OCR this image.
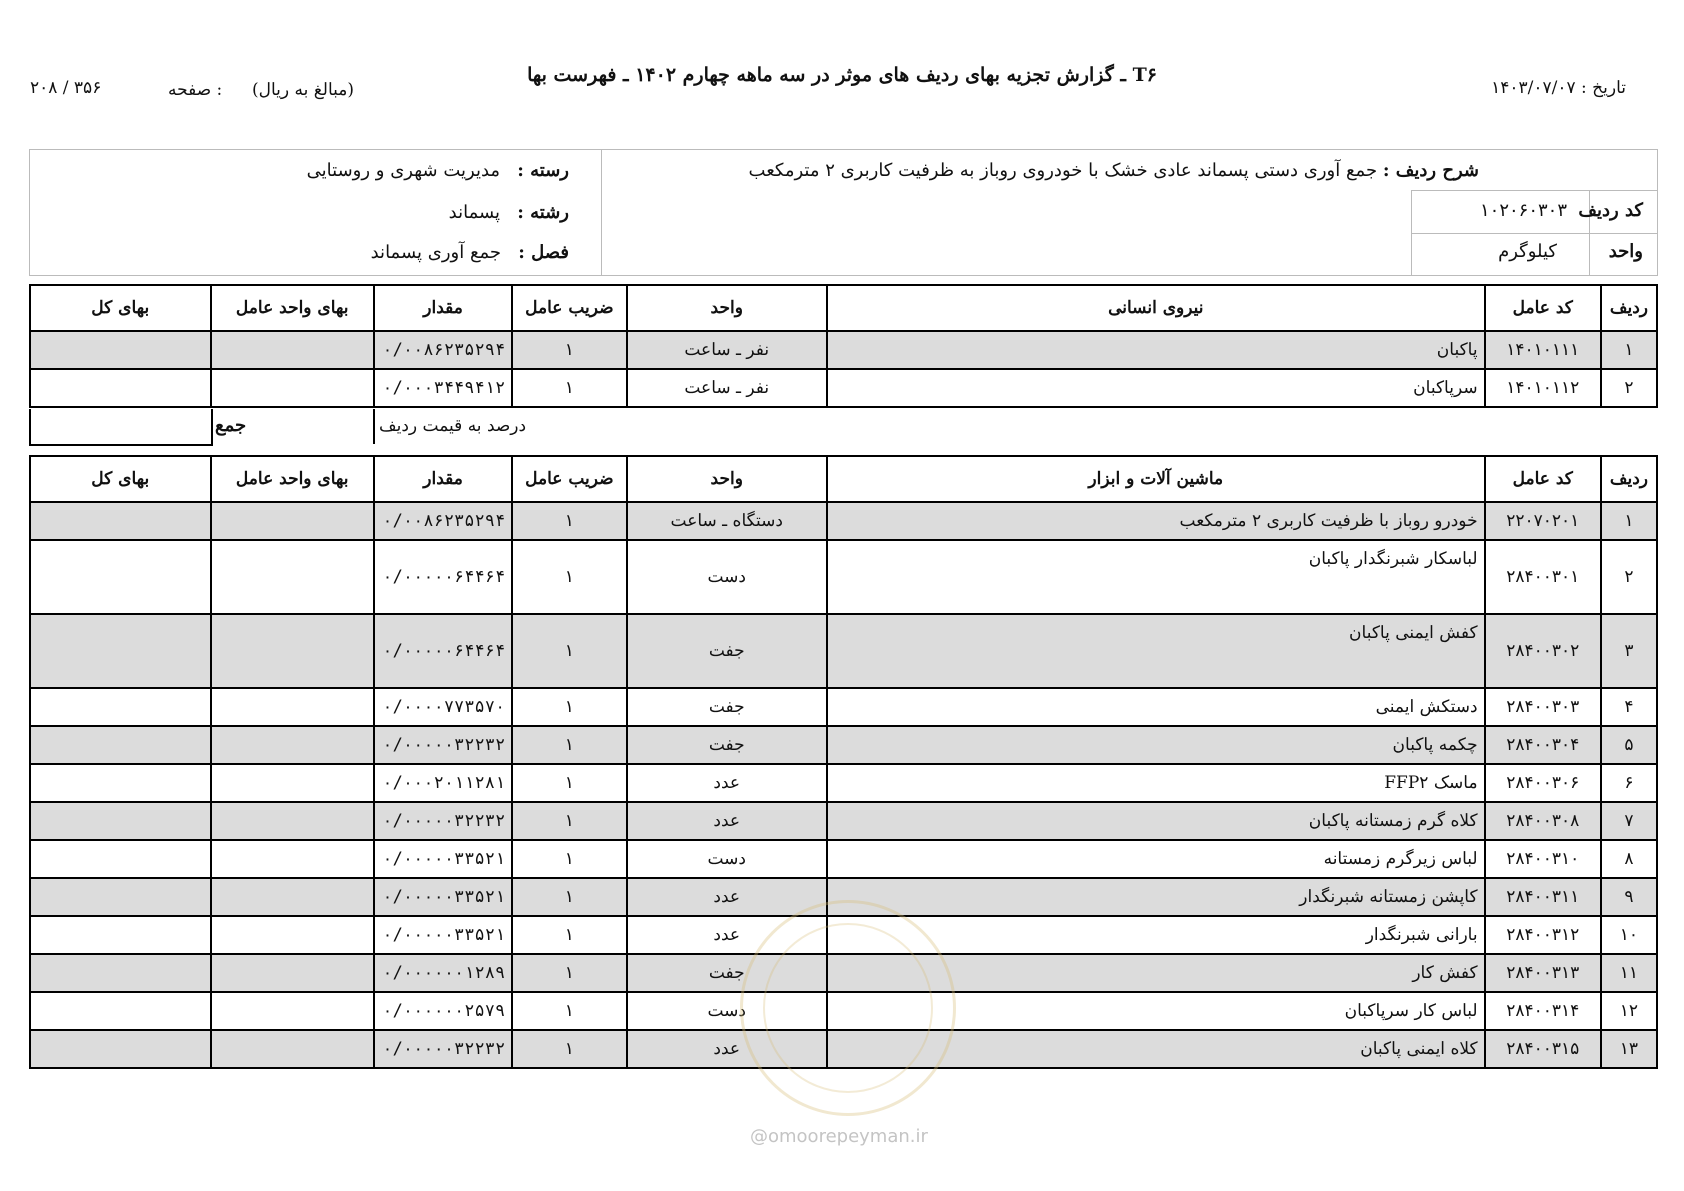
T۶ ـ گزارش تجزیه بهای ردیف های موثر در سه ماهه چهارم ۱۴۰۲ ـ فهرست بها
تاریخ : ۱۴۰۳/۰۷/۰۷
۲۰۸ / ۳۵۶	صفحه : (مبالغ به ریال)
شرح ردیف : جمع آوری دستی پسماند عادی خشک با خودروی روباز به ظرفیت کاربری ۲ مترمکعب
کد ردیف
۱۰۲۰۶۰۳۰۳
واحد
کیلوگرم
رسته :   مدیریت شهری و روستایی
رشته :   پسماند
فصل :   جمع آوری پسماند
ردیف	کد عامل	نیروی انسانی	واحد	ضریب عامل	مقدار	بهای واحد عامل	بهای کل
۱	۱۴۰۱۰۱۱۱	پاکبان	نفر ـ ساعت	۱	۰/۰۰۸۶۲۳۵۲۹۴		
۲	۱۴۰۱۰۱۱۲	سرپاکبان	نفر ـ ساعت	۱	۰/۰۰۰۳۴۴۹۴۱۲		
جمع	درصد به قیمت ردیف
ردیف	کد عامل	ماشین آلات و ابزار	واحد	ضریب عامل	مقدار	بهای واحد عامل	بهای کل
۱	۲۲۰۷۰۲۰۱	خودرو روباز با ظرفیت کاربری ۲ مترمکعب	دستگاه ـ ساعت	۱	۰/۰۰۸۶۲۳۵۲۹۴		
۲	۲۸۴۰۰۳۰۱	لباسکار شبرنگدار پاکبان	دست	۱	۰/۰۰۰۰۰۶۴۴۶۴		
۳	۲۸۴۰۰۳۰۲	کفش ایمنی پاکبان	جفت	۱	۰/۰۰۰۰۰۶۴۴۶۴		
۴	۲۸۴۰۰۳۰۳	دستکش ایمنی	جفت	۱	۰/۰۰۰۰۷۷۳۵۷۰		
۵	۲۸۴۰۰۳۰۴	چکمه پاکبان	جفت	۱	۰/۰۰۰۰۰۳۲۲۳۲		
۶	۲۸۴۰۰۳۰۶	ماسک FFP۲	عدد	۱	۰/۰۰۰۲۰۱۱۲۸۱		
۷	۲۸۴۰۰۳۰۸	کلاه گرم زمستانه پاکبان	عدد	۱	۰/۰۰۰۰۰۳۲۲۳۲		
۸	۲۸۴۰۰۳۱۰	لباس زیرگرم زمستانه	دست	۱	۰/۰۰۰۰۰۳۳۵۲۱		
۹	۲۸۴۰۰۳۱۱	کاپشن زمستانه شبرنگدار	عدد	۱	۰/۰۰۰۰۰۳۳۵۲۱		
۱۰	۲۸۴۰۰۳۱۲	بارانی شبرنگدار	عدد	۱	۰/۰۰۰۰۰۳۳۵۲۱		
۱۱	۲۸۴۰۰۳۱۳	کفش کار	جفت	۱	۰/۰۰۰۰۰۰۱۲۸۹		
۱۲	۲۸۴۰۰۳۱۴	لباس کار سرپاکبان	دست	۱	۰/۰۰۰۰۰۰۲۵۷۹		
۱۳	۲۸۴۰۰۳۱۵	کلاه ایمنی پاکبان	عدد	۱	۰/۰۰۰۰۰۳۲۲۳۲		
@omoorepeyman.ir
